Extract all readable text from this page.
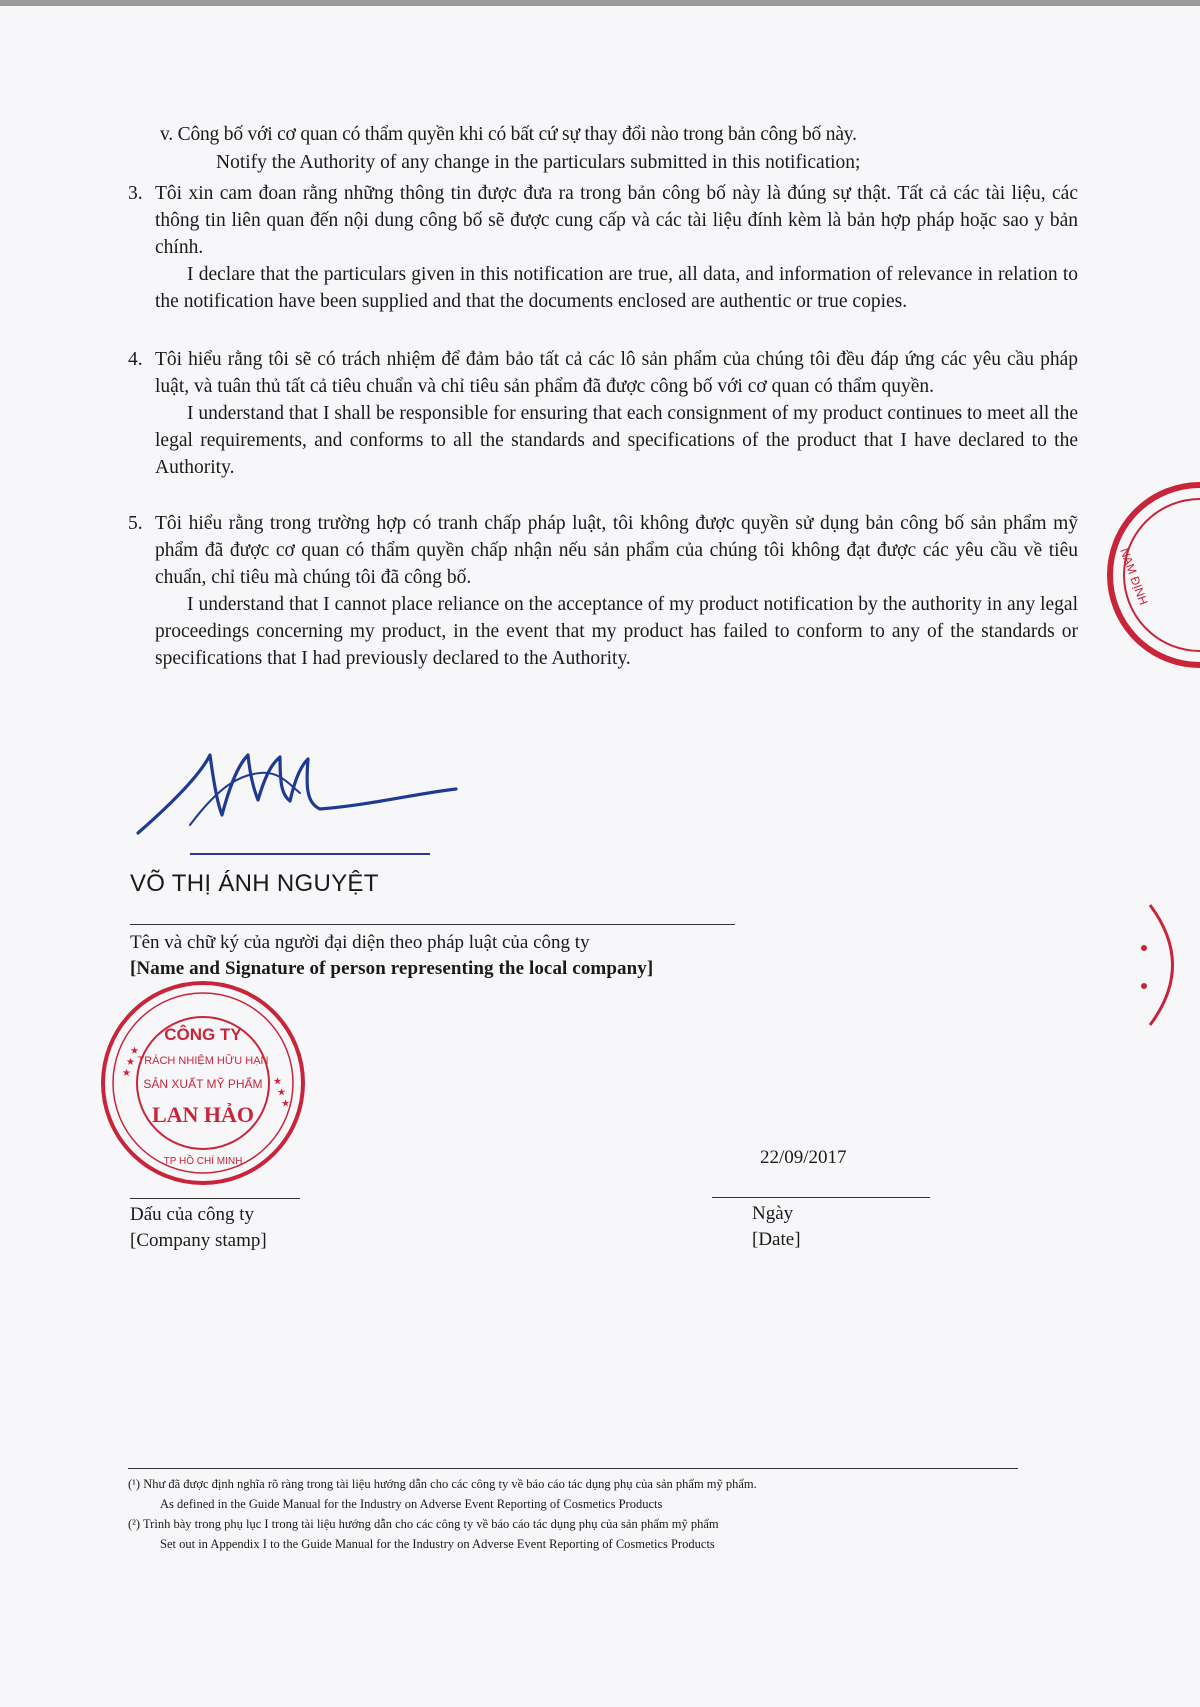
v. Công bố với cơ quan có thẩm quyền khi có bất cứ sự thay đổi nào trong bản công bố này.
Notify the Authority of any change in the particulars submitted in this notification;
3. Tôi xin cam đoan rằng những thông tin được đưa ra trong bản công bố này là đúng sự thật. Tất cả các tài liệu, các thông tin liên quan đến nội dung công bố sẽ được cung cấp và các tài liệu đính kèm là bản hợp pháp hoặc sao y bản chính.
I declare that the particulars given in this notification are true, all data, and information of relevance in relation to the notification have been supplied and that the documents enclosed are authentic or true copies.
4. Tôi hiểu rằng tôi sẽ có trách nhiệm để đảm bảo tất cả các lô sản phẩm của chúng tôi đều đáp ứng các yêu cầu pháp luật, và tuân thủ tất cả tiêu chuẩn và chỉ tiêu sản phẩm đã được công bố với cơ quan có thẩm quyền.
I understand that I shall be responsible for ensuring that each consignment of my product continues to meet all the legal requirements, and conforms to all the standards and specifications of the product that I have declared to the Authority.
5. Tôi hiểu rằng trong trường hợp có tranh chấp pháp luật, tôi không được quyền sử dụng bản công bố sản phẩm mỹ phẩm đã được cơ quan có thẩm quyền chấp nhận nếu sản phẩm của chúng tôi không đạt được các yêu cầu về tiêu chuẩn, chỉ tiêu mà chúng tôi đã công bố.
I understand that I cannot place reliance on the acceptance of my product notification by the authority in any legal proceedings concerning my product, in the event that my product has failed to conform to any of the standards or specifications that I had previously declared to the Authority.
NAM ĐỊNH
VÕ THỊ ÁNH NGUYỆT
Tên và chữ ký của người đại diện theo pháp luật của công ty
[Name and Signature of person representing the local company]
CÔNG TY
TRÁCH NHIỆM HỮU HẠN
SẢN XUẤT MỸ PHẨM
LAN HẢO
TP HỒ CHÍ MINH
★ ★ ★
★ ★ ★
Dấu của công ty
[Company stamp]
22/09/2017
Ngày
[Date]
(¹) Như đã được định nghĩa rõ ràng trong tài liệu hướng dẫn cho các công ty về báo cáo tác dụng phụ của sản phẩm mỹ phẩm.
As defined in the Guide Manual for the Industry on Adverse Event Reporting of Cosmetics Products
(²) Trình bày trong phụ lục I trong tài liệu hướng dẫn cho các công ty về báo cáo tác dụng phụ của sản phẩm mỹ phẩm
Set out in Appendix I to the Guide Manual for the Industry on Adverse Event Reporting of Cosmetics Products
